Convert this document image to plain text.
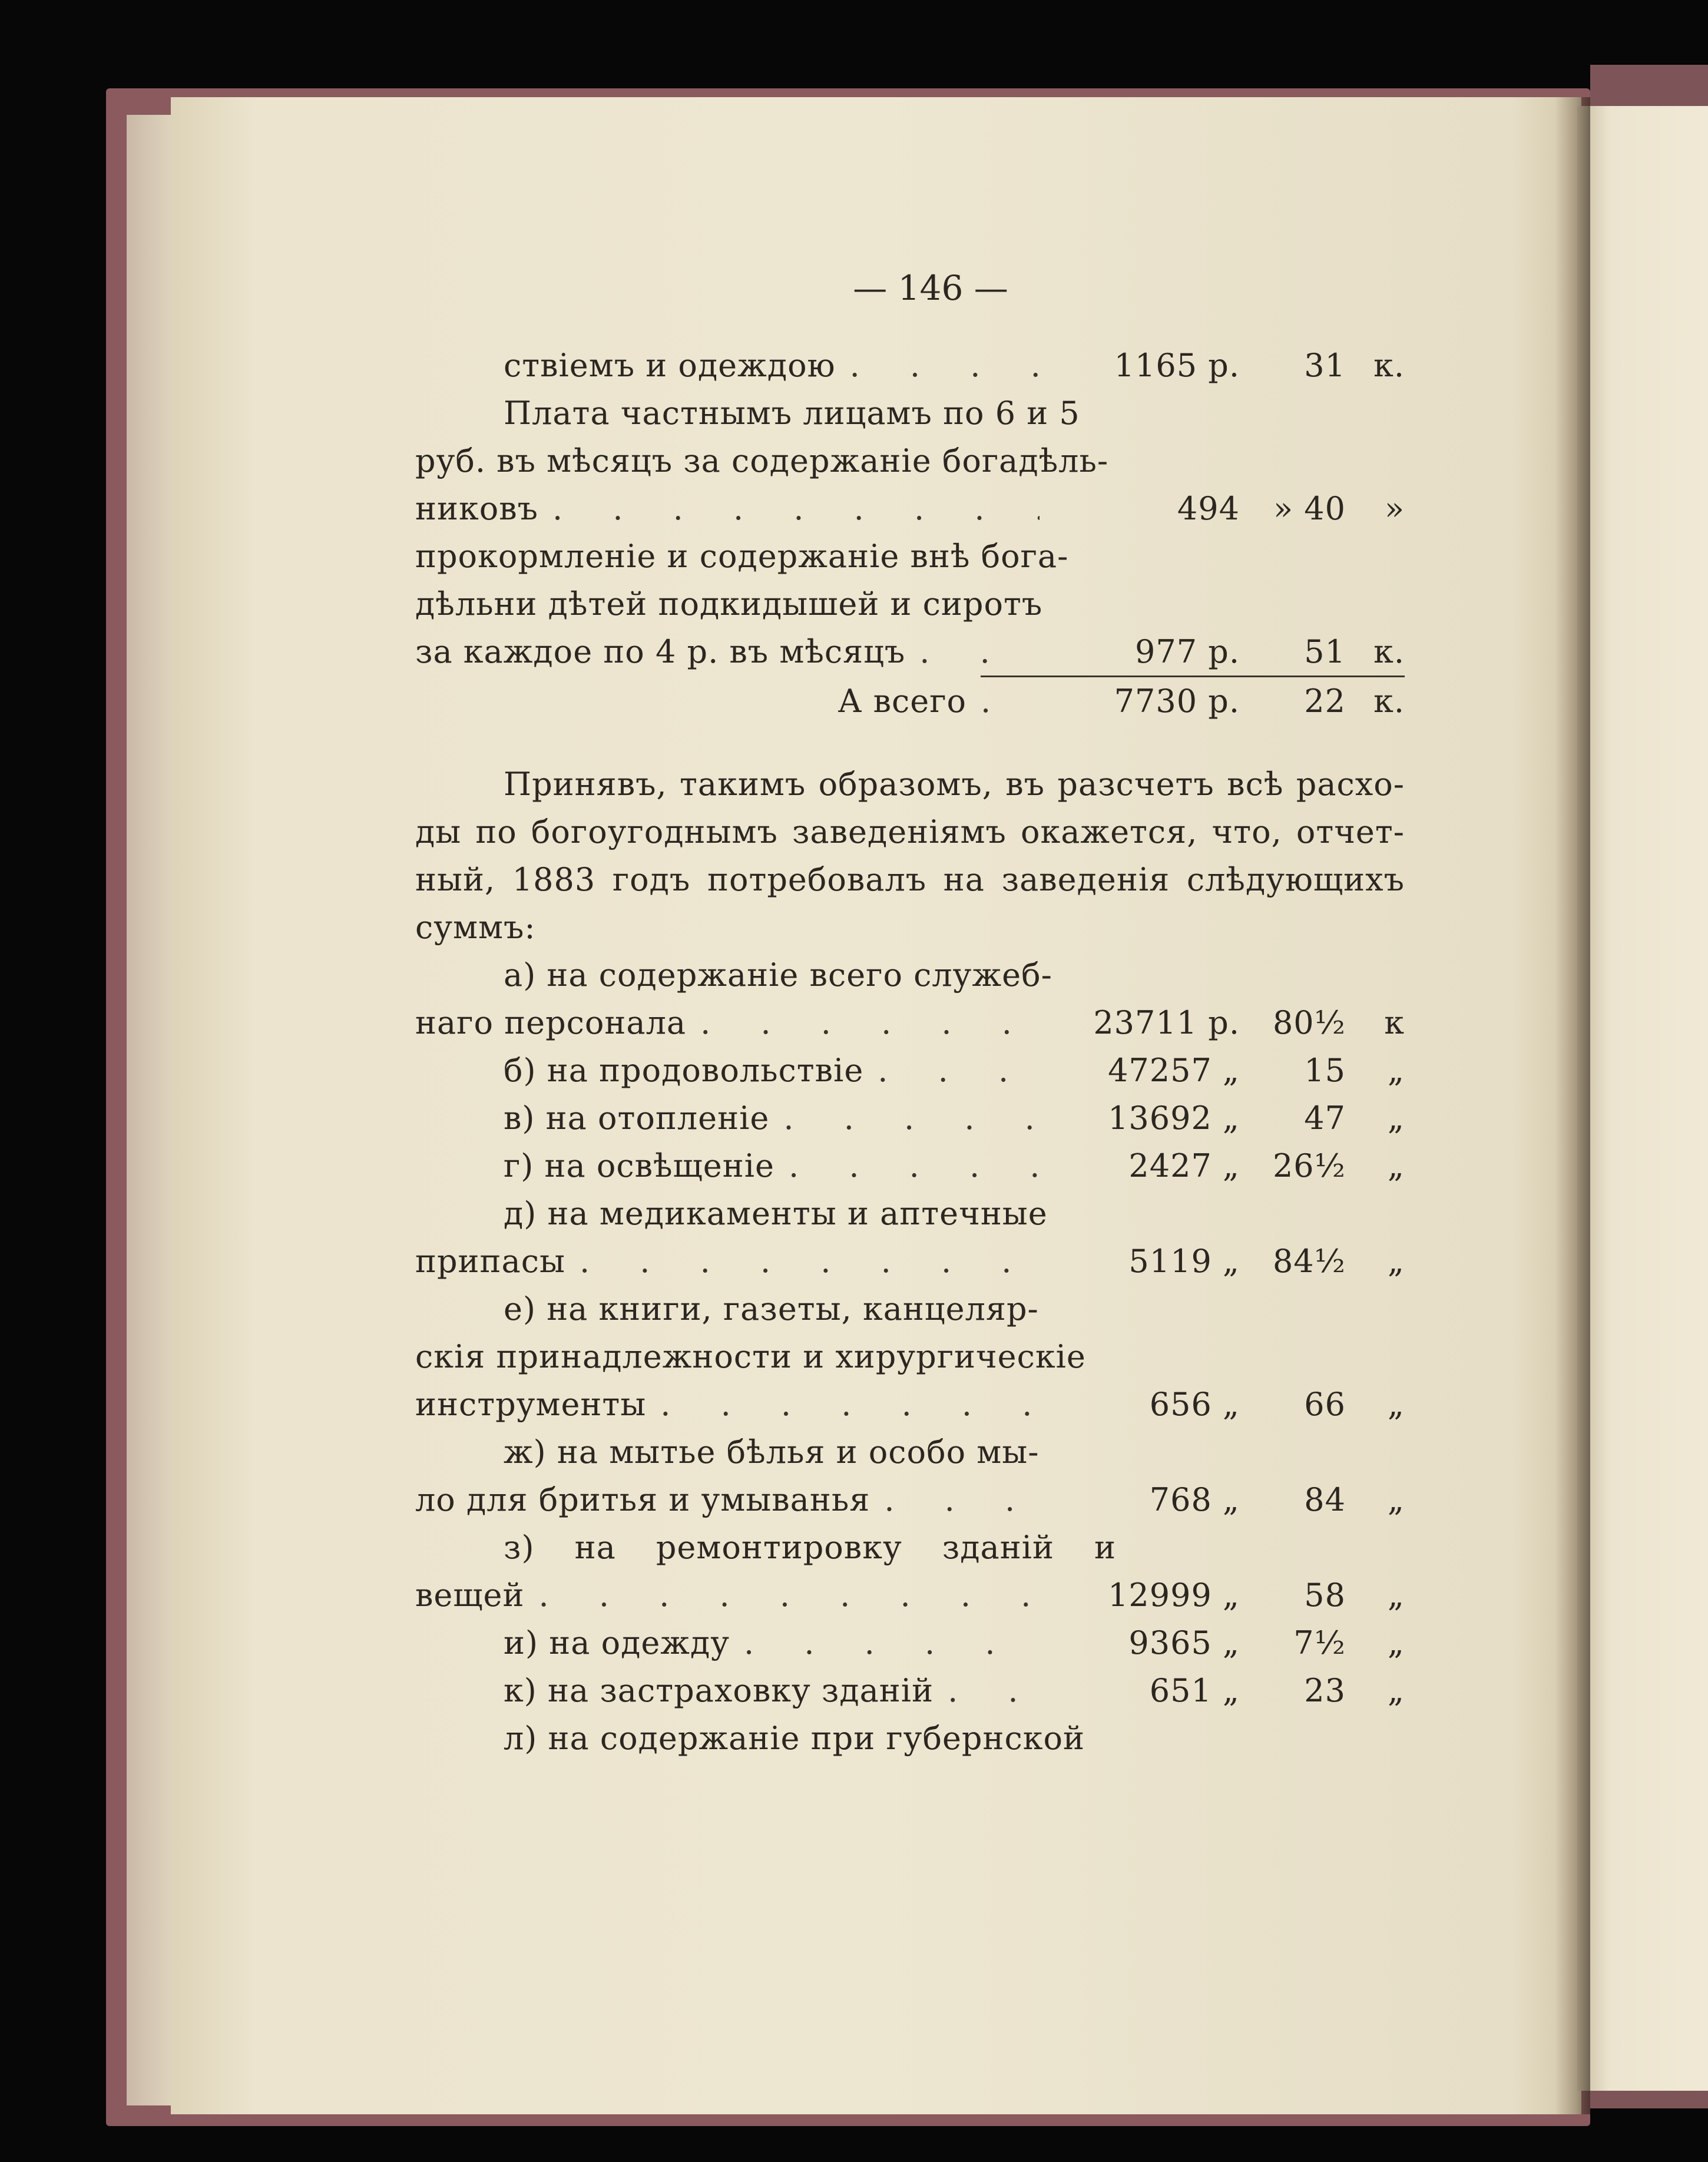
— 146 —
ствіемъ и одеждою . . .	1165 р.	31 к.
Плата частнымъ лицамъ по 6 и 5
руб. въ мѣсяцъ за содержаніе богадѣль-
никовъ . . .	494	» 40	»
прокормленіе и содержаніе внѣ бога-
дѣльни дѣтей подкидышей и сиротъ
за каждое по 4 р. въ мѣсяцъ . . .	977 р.	51 к.
А всего . . .	7730 р.	22 к.
Принявъ, такимъ образомъ, въ разсчетъ всѣ расхо-
ды по богоугоднымъ заведеніямъ окажется, что, отчет-
ный, 1883 годъ потребовалъ на заведенія слѣдующихъ
суммъ:
а) на содержаніе всего служеб-
наго персонала . . .	23711 р.	80½	к
б) на продовольствіе . . .	47257 „	15	„
в) на отопленіе . . .	13692 „	47	„
г) на освѣщеніе . . .	2427 „	26½	„
д) на медикаменты и аптечные
припасы . . .	5119 „	84½	„
е) на книги, газеты, канцеляр-
скія принадлежности и хирургическіе
инструменты . . .	656 „	66	„
ж) на мытье бѣлья и особо мы-
ло для бритья и умыванья . . .	768 „	84	„
з) на ремонтировку зданій и
вещей . . .	12999 „	58	„
и) на одежду . . .	9365 „	7½	„
к) на застраховку зданій . . .	651 „	23	„
л) на содержаніе при губернской
